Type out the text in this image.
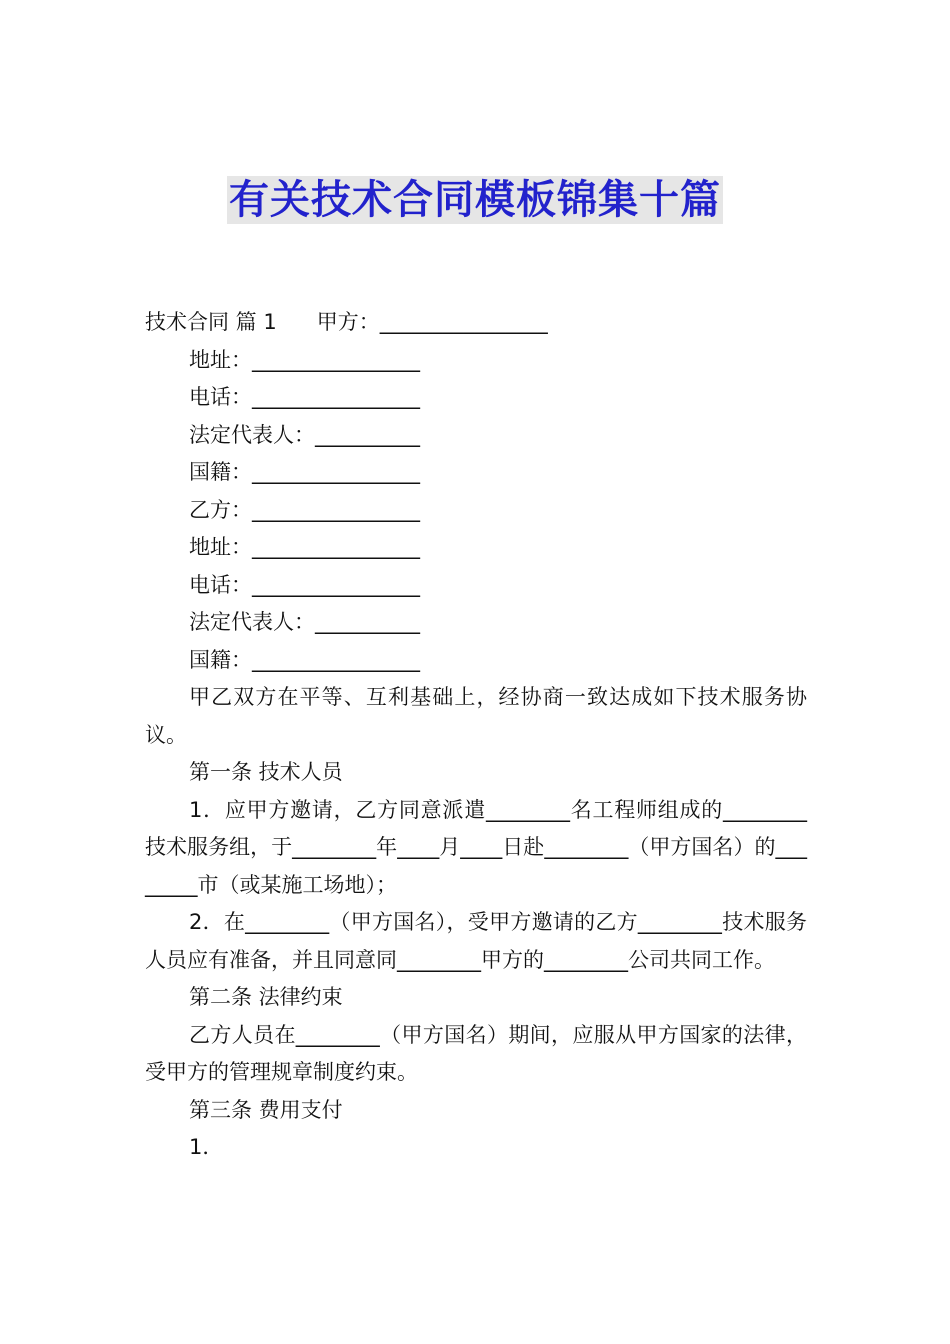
有关技术合同模板锦集十篇

技术合同 篇 1 甲方：________________

地址：________________

电话：________________

法定代表人：__________

国籍：________________

乙方：________________

地址：________________

电话：________________

法定代表人：__________

国籍：________________

甲乙双方在平等、互利基础上，经协商一致达成如下技术服务协议。

第一条 技术人员

1．应甲方邀请，乙方同意派遣________名工程师组成的________技术服务组，于________年____月____日赴________（甲方国名）的________市（或某施工场地）；

2．在________（甲方国名），受甲方邀请的乙方________技术服务人员应有准备，并且同意同________甲方的________公司共同工作。

第二条 法律约束

乙方人员在________（甲方国名）期间，应服从甲方国家的法律，受甲方的管理规章制度约束。

第三条 费用支付

1．
